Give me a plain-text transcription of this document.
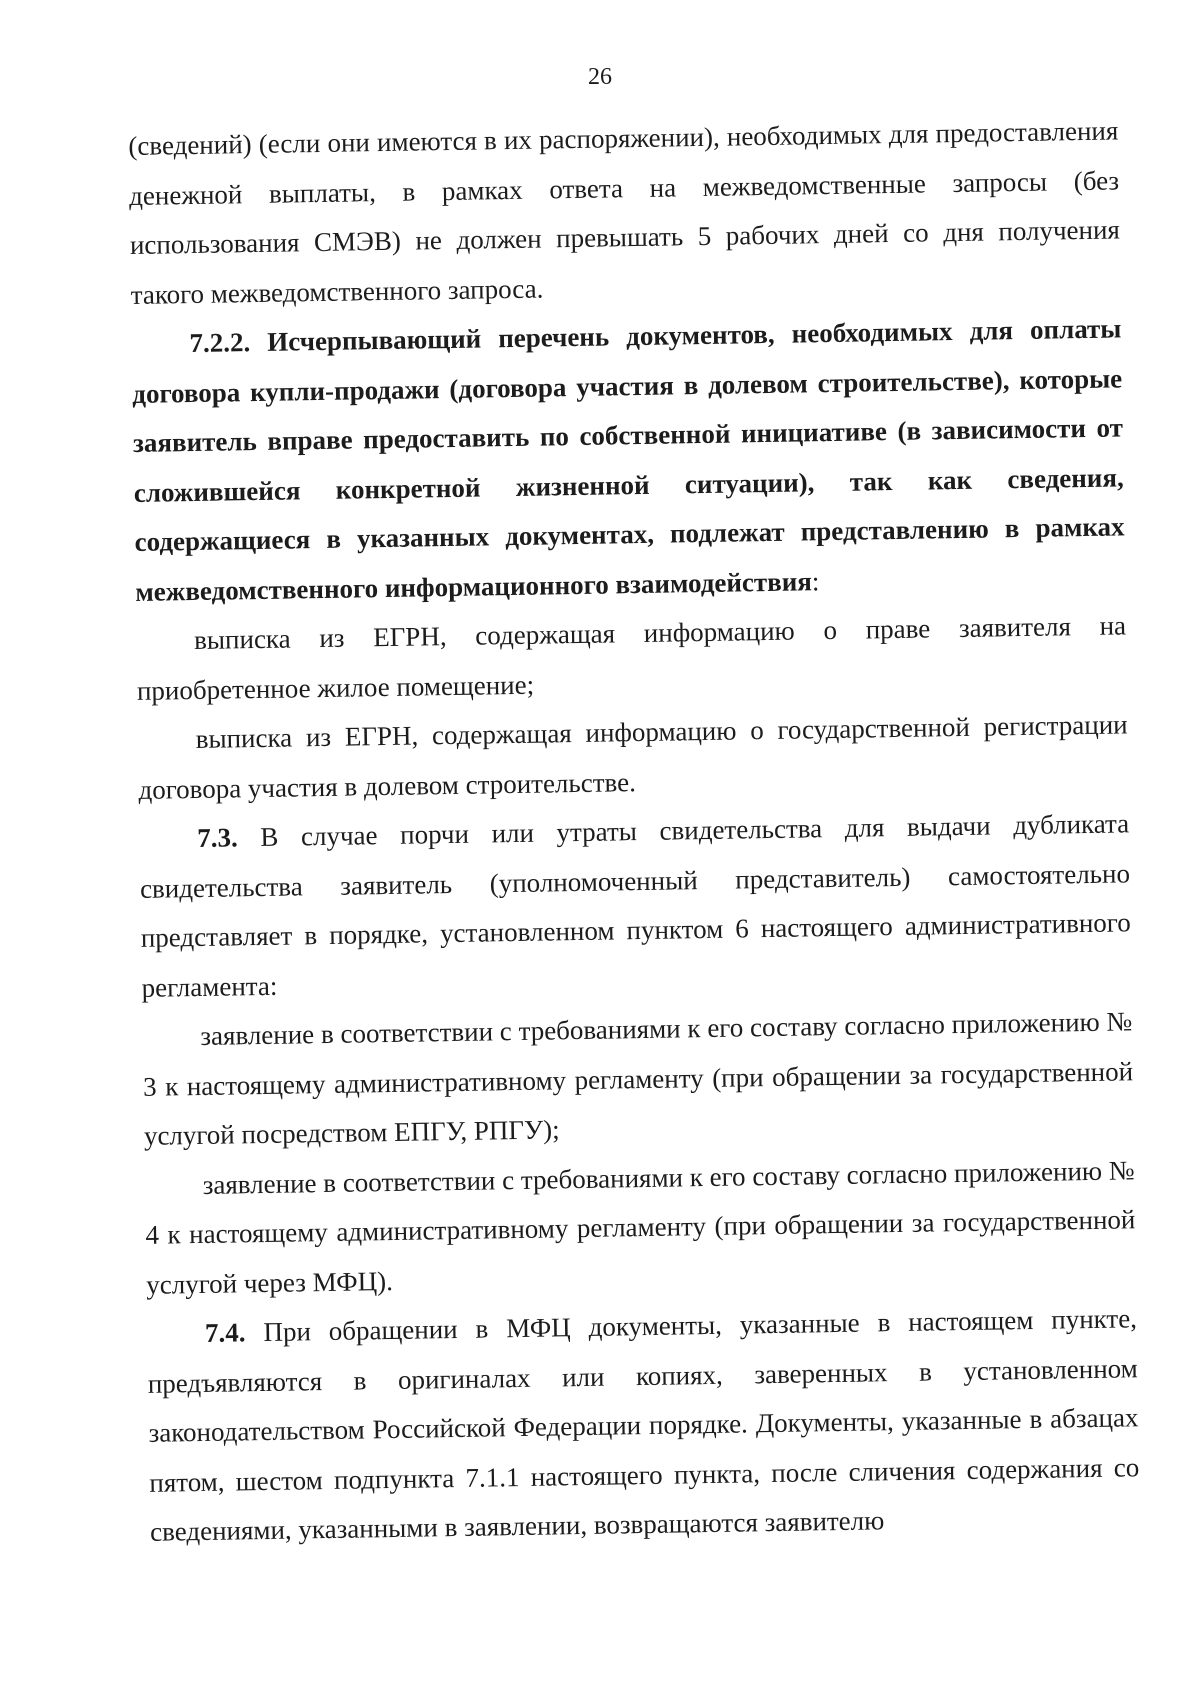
26

(сведений) (если они имеются в их распоряжении), необходимых для предоставления денежной выплаты, в рамках ответа на межведомственные запросы (без использования СМЭВ) не должен превышать 5 рабочих дней со дня получения такого межведомственного запроса.

7.2.2. Исчерпывающий перечень документов, необходимых для оплаты договора купли-продажи (договора участия в долевом строительстве), которые заявитель вправе предоставить по собственной инициативе (в зависимости от сложившейся конкретной жизненной ситуации), так как сведения, содержащиеся в указанных документах, подлежат представлению в рамках межведомственного информационного взаимодействия:

выписка из ЕГРН, содержащая информацию о праве заявителя на приобретенное жилое помещение;

выписка из ЕГРН, содержащая информацию о государственной регистрации договора участия в долевом строительстве.

7.3. В случае порчи или утраты свидетельства для выдачи дубликата свидетельства заявитель (уполномоченный представитель) самостоятельно представляет в порядке, установленном пунктом 6 настоящего административного регламента:

заявление в соответствии с требованиями к его составу согласно приложению № 3 к настоящему административному регламенту (при обращении за государственной услугой посредством ЕПГУ, РПГУ);

заявление в соответствии с требованиями к его составу согласно приложению № 4 к настоящему административному регламенту (при обращении за государственной услугой через МФЦ).

7.4. При обращении в МФЦ документы, указанные в настоящем пункте, предъявляются в оригиналах или копиях, заверенных в установленном законодательством Российской Федерации порядке. Документы, указанные в абзацах пятом, шестом подпункта 7.1.1 настоящего пункта, после сличения содержания со сведениями, указанными в заявлении, возвращаются заявителю
